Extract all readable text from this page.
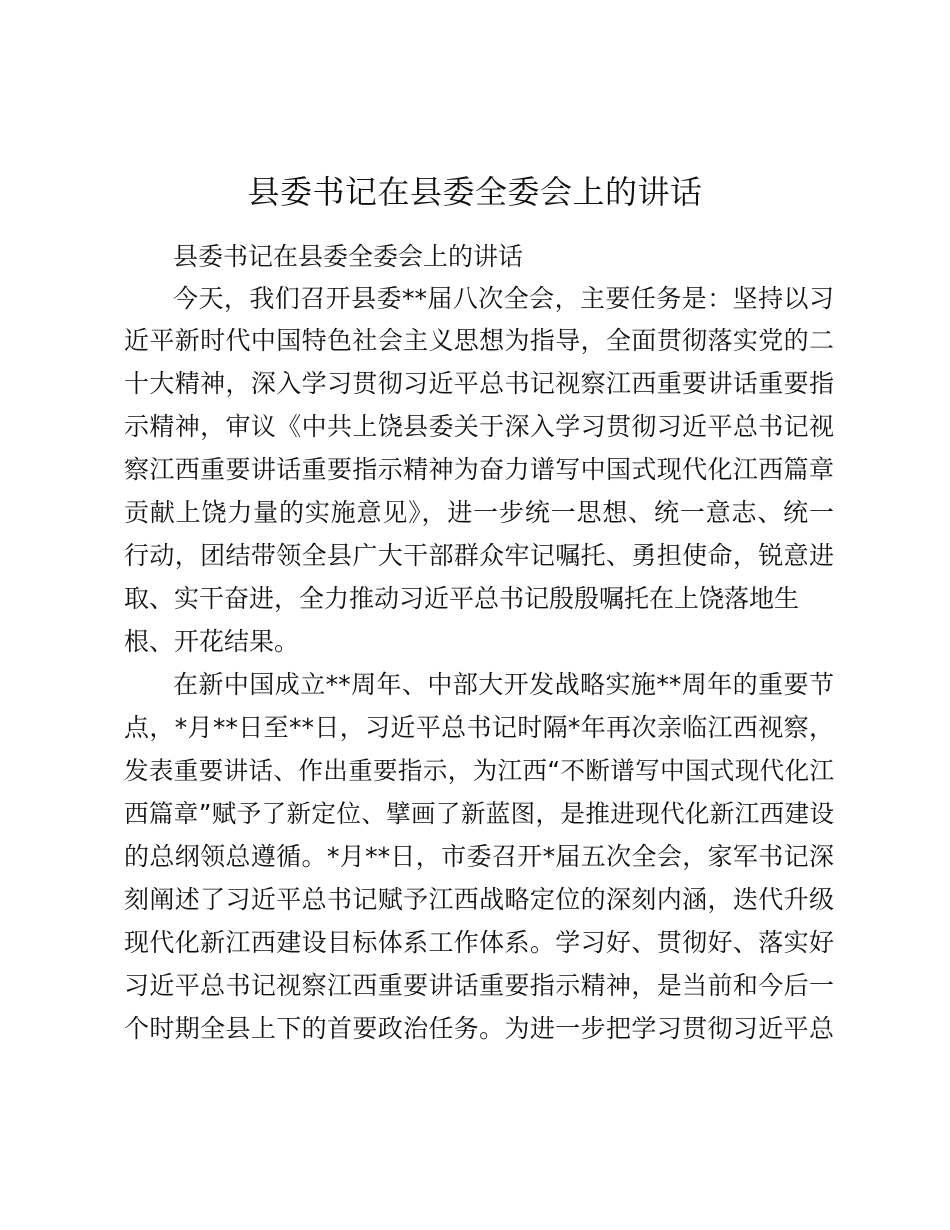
县委书记在县委全委会上的讲话

县委书记在县委全委会上的讲话

今天，我们召开县委**届八次全会，主要任务是：坚持以习

近平新时代中国特色社会主义思想为指导，全面贯彻落实党的二

十大精神，深入学习贯彻习近平总书记视察江西重要讲话重要指

示精神，审议《中共上饶县委关于深入学习贯彻习近平总书记视

察江西重要讲话重要指示精神为奋力谱写中国式现代化江西篇章

贡献上饶力量的实施意见》，进一步统一思想、统一意志、统一

行动，团结带领全县广大干部群众牢记嘱托、勇担使命，锐意进

取、实干奋进，全力推动习近平总书记殷殷嘱托在上饶落地生

根、开花结果。

在新中国成立**周年、中部大开发战略实施**周年的重要节

点，*月**日至**日，习近平总书记时隔*年再次亲临江西视察，

发表重要讲话、作出重要指示，为江西“不断谱写中国式现代化江

西篇章”赋予了新定位、擘画了新蓝图，是推进现代化新江西建设

的总纲领总遵循。*月**日，市委召开*届五次全会，家军书记深

刻阐述了习近平总书记赋予江西战略定位的深刻内涵，迭代升级

现代化新江西建设目标体系工作体系。学习好、贯彻好、落实好

习近平总书记视察江西重要讲话重要指示精神，是当前和今后一

个时期全县上下的首要政治任务。为进一步把学习贯彻习近平总
